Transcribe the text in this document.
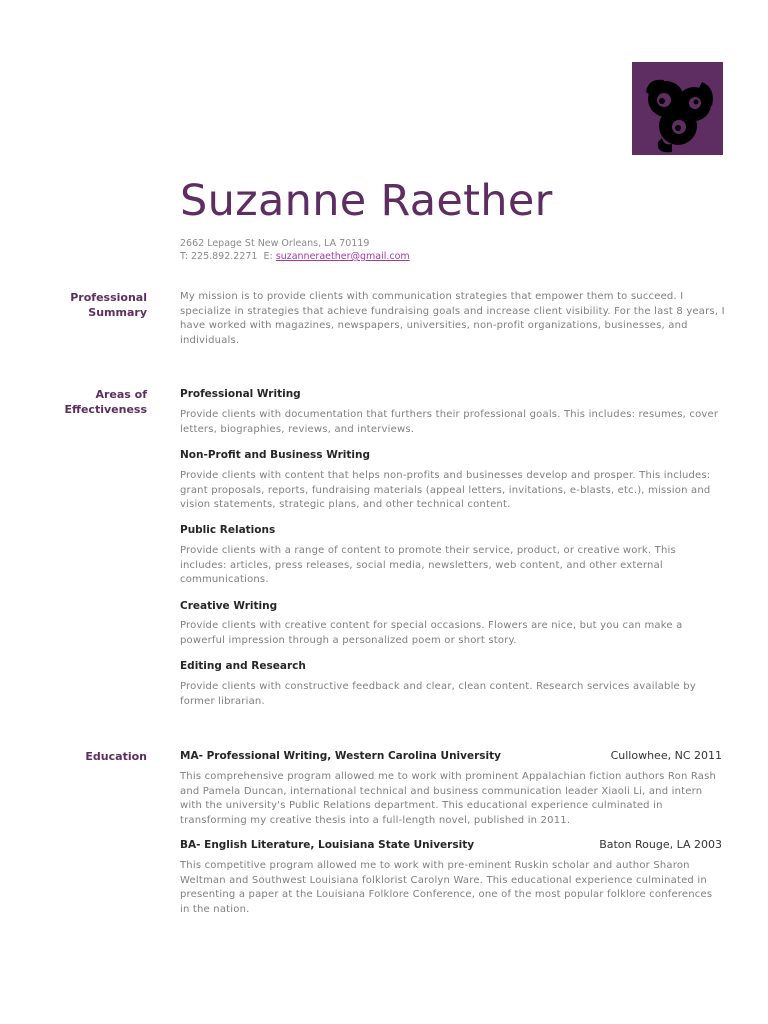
Suzanne Raether
2662 Lepage St New Orleans, LA 70119
T: 225.892.2271 E: suzanneraether@gmail.com
Professional
Summary
My mission is to provide clients with communication strategies that empower them to succeed. I specialize in strategies that achieve fundraising goals and increase client visibility. For the last 8 years, I have worked with magazines, newspapers, universities, non-profit organizations, businesses, and individuals.
Areas of
Effectiveness
Professional Writing
Provide clients with documentation that furthers their professional goals. This includes: resumes, cover letters, biographies, reviews, and interviews.
Non-Profit and Business Writing
Provide clients with content that helps non-profits and businesses develop and prosper. This includes: grant proposals, reports, fundraising materials (appeal letters, invitations, e-blasts, etc.), mission and vision statements, strategic plans, and other technical content.
Public Relations
Provide clients with a range of content to promote their service, product, or creative work. This includes: articles, press releases, social media, newsletters, web content, and other external communications.
Creative Writing
Provide clients with creative content for special occasions. Flowers are nice, but you can make a powerful impression through a personalized poem or short story.
Editing and Research
Provide clients with constructive feedback and clear, clean content. Research services available by former librarian.
Education	MA- Professional Writing, Western Carolina University	Cullowhee, NC 2011
This comprehensive program allowed me to work with prominent Appalachian fiction authors Ron Rash and Pamela Duncan, international technical and business communication leader Xiaoli Li, and intern with the university's Public Relations department. This educational experience culminated in transforming my creative thesis into a full-length novel, published in 2011.
BA- English Literature, Louisiana State University	Baton Rouge, LA 2003
This competitive program allowed me to work with pre-eminent Ruskin scholar and author Sharon Weltman and Southwest Louisiana folklorist Carolyn Ware. This educational experience culminated in presenting a paper at the Louisiana Folklore Conference, one of the most popular folklore conferences in the nation.
